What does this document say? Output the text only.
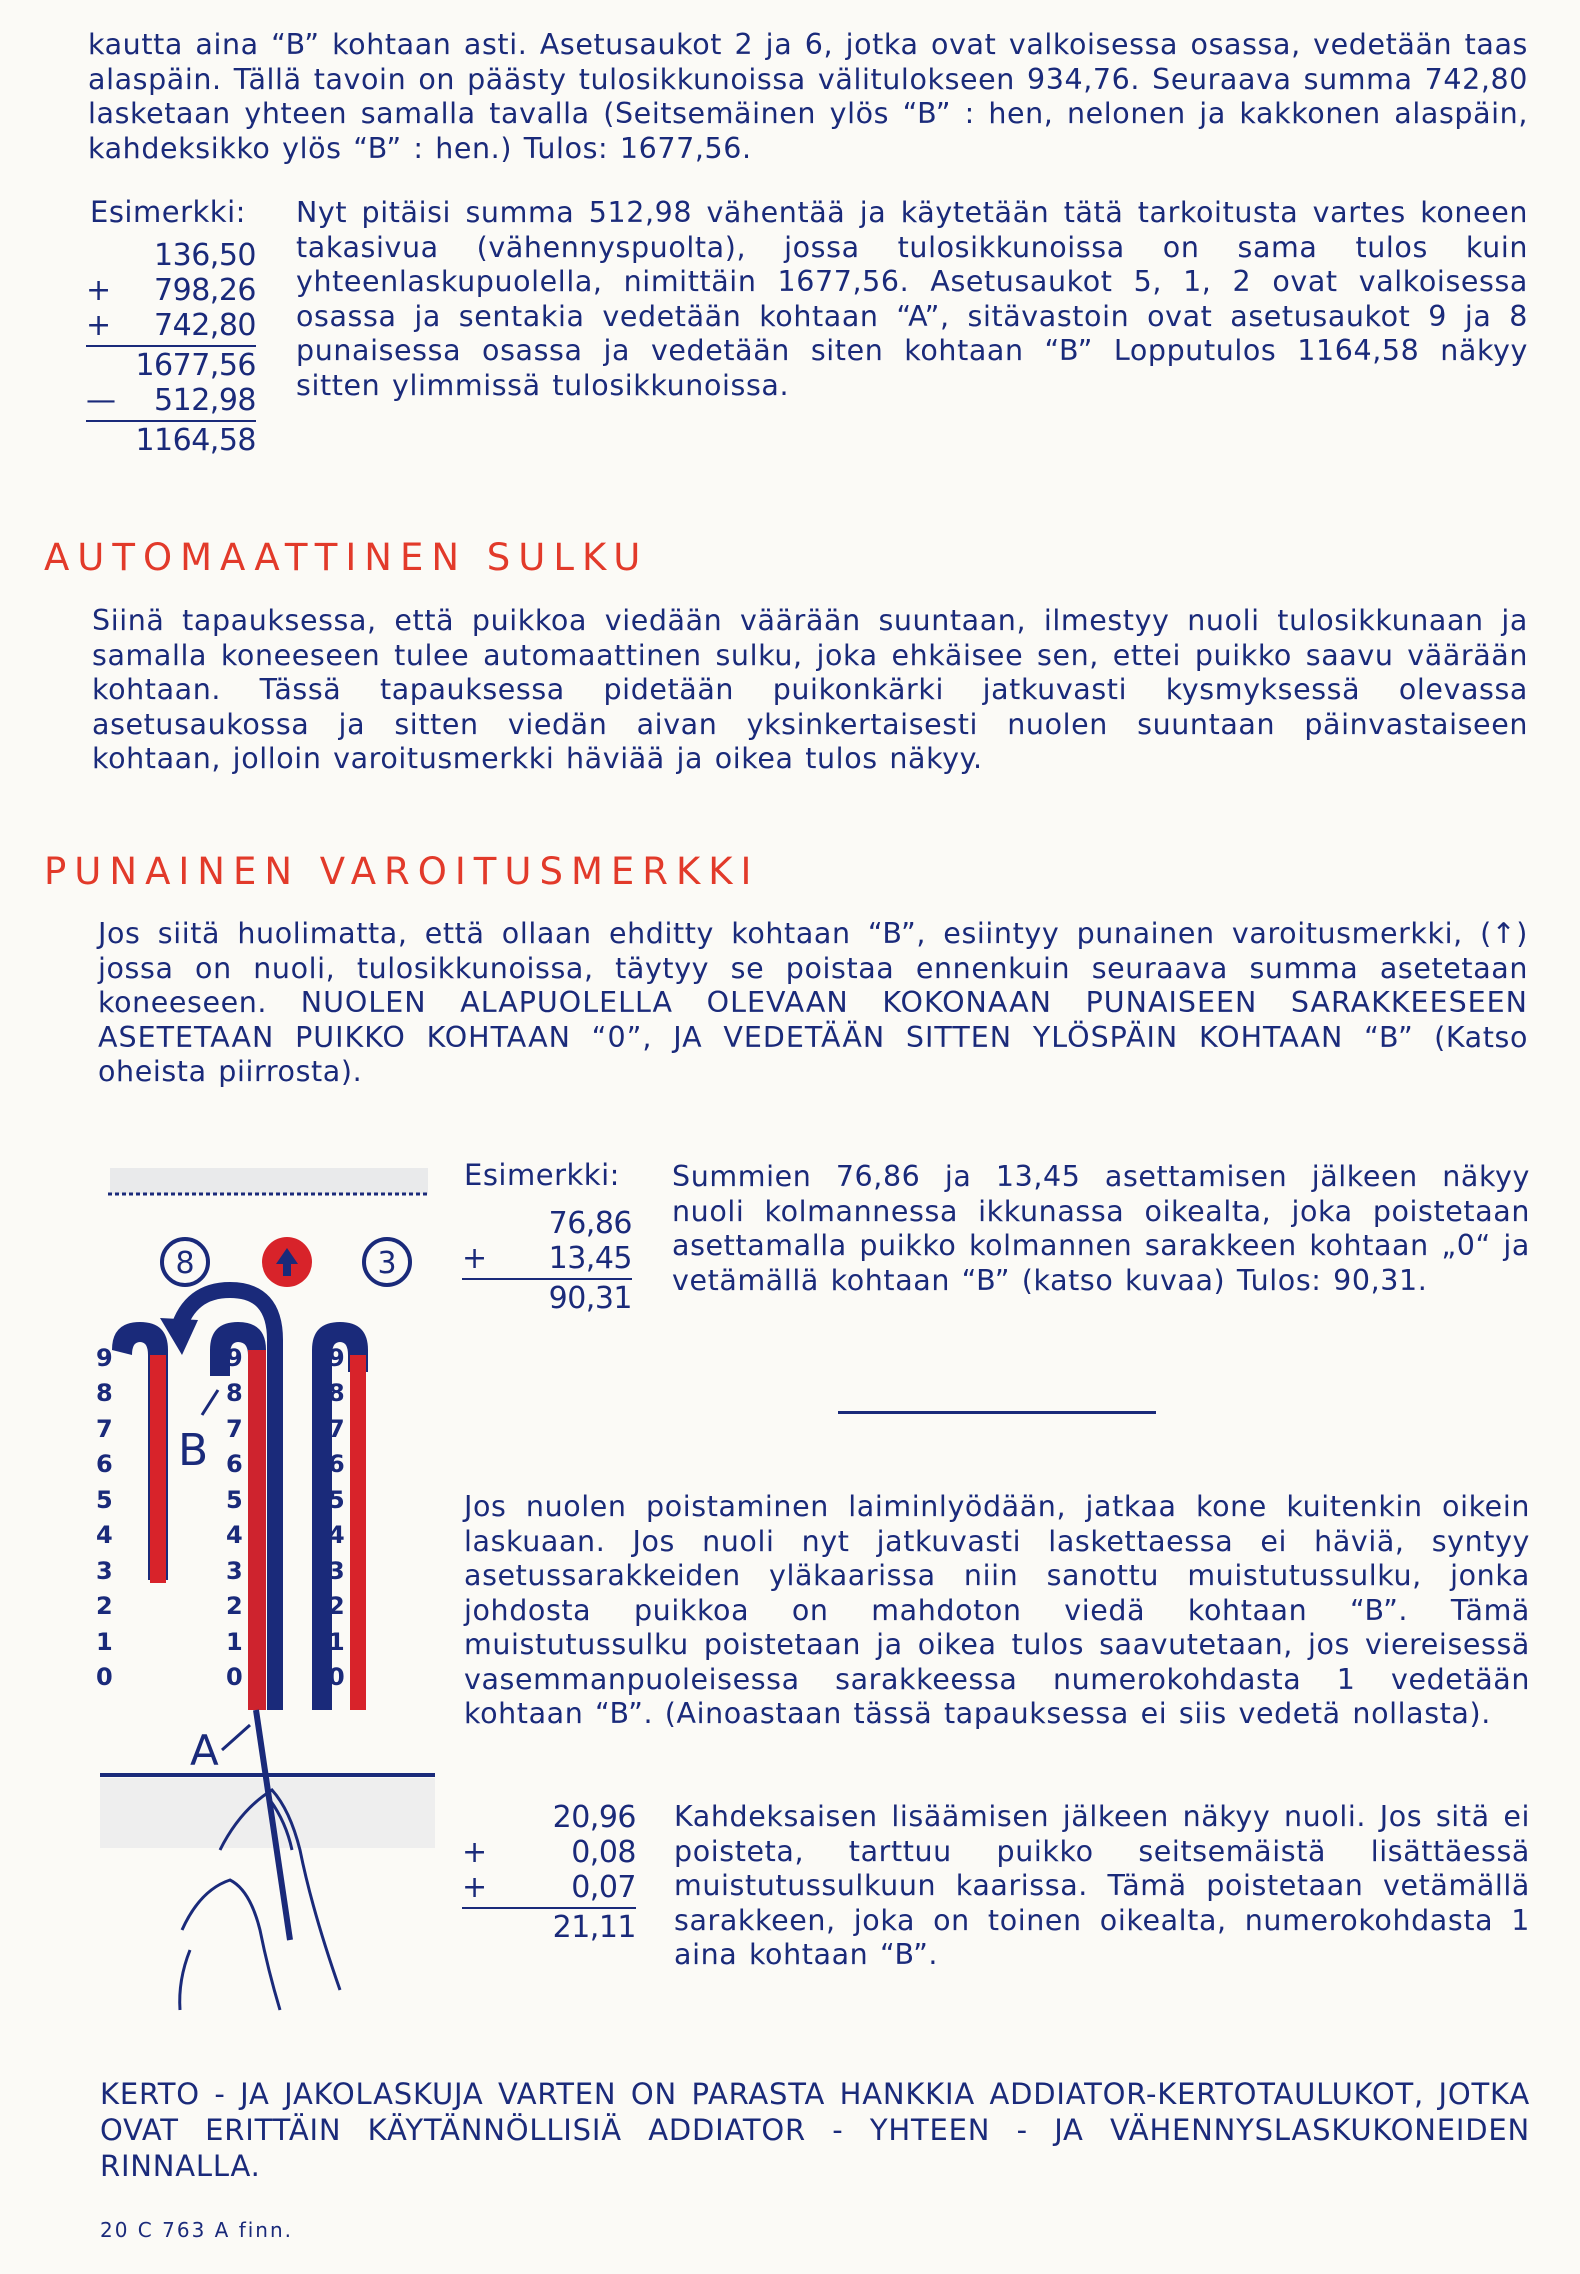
kautta aina “B” kohtaan asti. Asetusaukot 2 ja 6, jotka ovat valkoisessa osassa, vedetään taas alaspäin. Tällä tavoin on päästy tulosikkunoissa välitulokseen 934,76. Seuraava summa 742,80 lasketaan yhteen samalla tavalla (Seitsemäinen ylös “B” : hen, nelonen ja kakkonen alaspäin, kahdeksikko ylös “B” : hen.) Tulos: 1677,56.
Esimerkki:
136,50
+ 798,26
+ 742,80
1677,56
— 512,98
1164,58
Nyt pitäisi summa 512,98 vähentää ja käytetään tätä tarkoitusta vartes koneen takasivua (vähennyspuolta), jossa tulosikkunoissa on sama tulos kuin yhteenlaskupuolella, nimittäin 1677,56. Asetusaukot 5, 1, 2 ovat valkoisessa osassa ja sentakia vedetään kohtaan “A”, sitävastoin ovat asetusaukot 9 ja 8 punaisessa osassa ja vedetään siten kohtaan “B” Lopputulos 1164,58 näkyy sitten ylimmissä tulosikkunoissa.
AUTOMAATTINEN SULKU
Siinä tapauksessa, että puikkoa viedään väärään suuntaan, ilmestyy nuoli tulosikkunaan ja samalla koneeseen tulee automaattinen sulku, joka ehkäisee sen, ettei puikko saavu väärään kohtaan. Tässä tapauksessa pidetään puikonkärki jatkuvasti kysmyksessä olevassa asetusaukossa ja sitten viedän aivan yksinkertaisesti nuolen suuntaan päinvastaiseen kohtaan, jolloin varoitusmerkki häviää ja oikea tulos näkyy.
PUNAINEN VAROITUSMERKKI
Jos siitä huolimatta, että ollaan ehditty kohtaan “B”, esiintyy punainen varoitusmerkki, (↑) jossa on nuoli, tulosikkunoissa, täytyy se poistaa ennenkuin seuraava summa asetetaan koneeseen. NUOLEN ALAPUOLELLA OLEVAAN KOKONAAN PUNAISEEN SARAKKEESEEN ASETETAAN PUIKKO KOHTAAN “0”, JA VEDETÄÄN SITTEN YLÖSPÄIN KOHTAAN “B” (Katso oheista piirrosta).
8	3
9
8
7
6
5
4
3
2
1
0
9
8
7
6
5
4
3
2
1
0
9
8
7
6
5
4
3
2
1
0
B
A
Esimerkki:
76,86
+ 13,45
90,31
Summien 76,86 ja 13,45 asettamisen jälkeen näkyy nuoli kolmannessa ikkunassa oikealta, joka poistetaan asettamalla puikko kolmannen sarakkeen kohtaan „0“ ja vetämällä kohtaan “B” (katso kuvaa) Tulos: 90,31.
Jos nuolen poistaminen laiminlyödään, jatkaa kone kuitenkin oikein laskuaan. Jos nuoli nyt jatkuvasti laskettaessa ei häviä, syntyy asetussarakkeiden yläkaarissa niin sanottu muistutussulku, jonka johdosta puikkoa on mahdoton viedä kohtaan “B”. Tämä muistutussulku poistetaan ja oikea tulos saavutetaan, jos viereisessä vasemmanpuoleisessa sarakkeessa numerokohdasta 1 vedetään kohtaan “B”. (Ainoastaan tässä tapauksessa ei siis vedetä nollasta).
20,96
+	0,08
+	0,07
21,11
Kahdeksaisen lisäämisen jälkeen näkyy nuoli. Jos sitä ei poisteta, tarttuu puikko seitsemäistä lisättäessä muistutussulkuun kaarissa. Tämä poistetaan vetämällä sarakkeen, joka on toinen oikealta, numerokohdasta 1 aina kohtaan “B”.
KERTO - JA JAKOLASKUJA VARTEN ON PARASTA HANKKIA ADDIATOR-KERTOTAULUKOT, JOTKA OVAT ERITTÄIN KÄYTÄNNÖLLISIÄ ADDIATOR - YHTEEN - JA VÄHENNYSLASKUKONEIDEN RINNALLA.
20 C 763 A finn.
